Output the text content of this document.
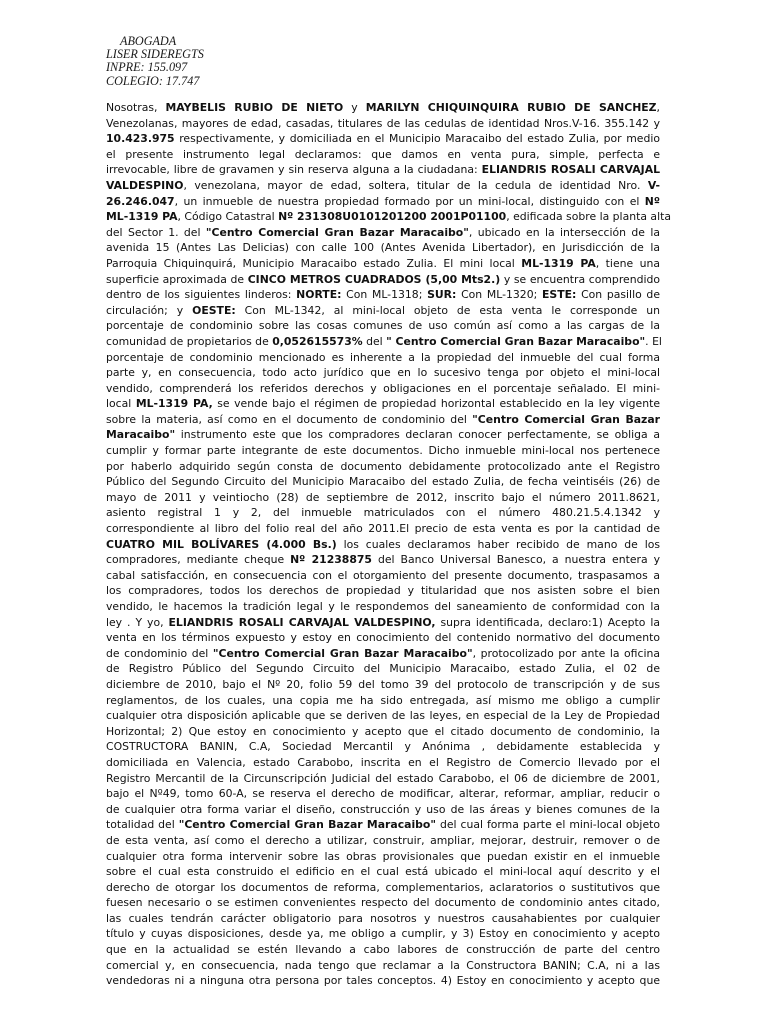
ABOGADA
LISER SIDEREGTS
INPRE: 155.097
COLEGIO: 17.747
Nosotras, MAYBELIS RUBIO DE NIETO y MARILYN CHIQUINQUIRA RUBIO DE SANCHEZ,
Venezolanas, mayores de edad, casadas, titulares de las cedulas de identidad Nros.V-16. 355.142 y
10.423.975 respectivamente, y domiciliada en el Municipio Maracaibo del estado Zulia, por medio
el presente instrumento legal declaramos: que damos en venta pura, simple, perfecta e
irrevocable, libre de gravamen y sin reserva alguna a la ciudadana: ELIANDRIS ROSALI CARVAJAL
VALDESPINO, venezolana, mayor de edad, soltera, titular de la cedula de identidad Nro. V-
26.246.047, un inmueble de nuestra propiedad formado por un mini-local, distinguido con el Nº
ML-1319 PA, Código Catastral Nº 231308U0101201200 2001P01100, edificada sobre la planta alta
del Sector 1. del "Centro Comercial Gran Bazar Maracaibo", ubicado en la intersección de la
avenida 15 (Antes Las Delicias) con calle 100 (Antes Avenida Libertador), en Jurisdicción de la
Parroquia Chiquinquirá, Municipio Maracaibo estado Zulia. El mini local ML-1319 PA, tiene una
superficie aproximada de CINCO METROS CUADRADOS (5,00 Mts2.) y se encuentra comprendido
dentro de los siguientes linderos: NORTE: Con ML-1318; SUR: Con ML-1320; ESTE: Con pasillo de
circulación; y OESTE: Con ML-1342, al mini-local objeto de esta venta le corresponde un
porcentaje de condominio sobre las cosas comunes de uso común así como a las cargas de la
comunidad de propietarios de 0,052615573% del " Centro Comercial Gran Bazar Maracaibo". El
porcentaje de condominio mencionado es inherente a la propiedad del inmueble del cual forma
parte y, en consecuencia, todo acto jurídico que en lo sucesivo tenga por objeto el mini-local
vendido, comprenderá los referidos derechos y obligaciones en el porcentaje señalado. El mini-
local ML-1319 PA, se vende bajo el régimen de propiedad horizontal establecido en la ley vigente
sobre la materia, así como en el documento de condominio del "Centro Comercial Gran Bazar
Maracaibo" instrumento este que los compradores declaran conocer perfectamente, se obliga a
cumplir y formar parte integrante de este documentos. Dicho inmueble mini-local nos pertenece
por haberlo adquirido según consta de documento debidamente protocolizado ante el Registro
Público del Segundo Circuito del Municipio Maracaibo del estado Zulia, de fecha veintiséis (26) de
mayo de 2011 y veintiocho (28) de septiembre de 2012, inscrito bajo el número 2011.8621,
asiento registral 1 y 2, del inmueble matriculados con el número 480.21.5.4.1342 y
correspondiente al libro del folio real del año 2011.El precio de esta venta es por la cantidad de
CUATRO MIL BOLÍVARES (4.000 Bs.) los cuales declaramos haber recibido de mano de los
compradores, mediante cheque Nº 21238875 del Banco Universal Banesco, a nuestra entera y
cabal satisfacción, en consecuencia con el otorgamiento del presente documento, traspasamos a
los compradores, todos los derechos de propiedad y titularidad que nos asisten sobre el bien
vendido, le hacemos la tradición legal y le respondemos del saneamiento de conformidad con la
ley . Y yo, ELIANDRIS ROSALI CARVAJAL VALDESPINO, supra identificada, declaro:1) Acepto la
venta en los términos expuesto y estoy en conocimiento del contenido normativo del documento
de condominio del "Centro Comercial Gran Bazar Maracaibo", protocolizado por ante la oficina
de Registro Público del Segundo Circuito del Municipio Maracaibo, estado Zulia, el 02 de
diciembre de 2010, bajo el Nº 20, folio 59 del tomo 39 del protocolo de transcripción y de sus
reglamentos, de los cuales, una copia me ha sido entregada, así mismo me obligo a cumplir
cualquier otra disposición aplicable que se deriven de las leyes, en especial de la Ley de Propiedad
Horizontal; 2) Que estoy en conocimiento y acepto que el citado documento de condominio, la
COSTRUCTORA BANIN, C.A, Sociedad Mercantil y Anónima , debidamente establecida y
domiciliada en Valencia, estado Carabobo, inscrita en el Registro de Comercio llevado por el
Registro Mercantil de la Circunscripción Judicial del estado Carabobo, el 06 de diciembre de 2001,
bajo el Nº49, tomo 60-A, se reserva el derecho de modificar, alterar, reformar, ampliar, reducir o
de cualquier otra forma variar el diseño, construcción y uso de las áreas y bienes comunes de la
totalidad del "Centro Comercial Gran Bazar Maracaibo" del cual forma parte el mini-local objeto
de esta venta, así como el derecho a utilizar, construir, ampliar, mejorar, destruir, remover o de
cualquier otra forma intervenir sobre las obras provisionales que puedan existir en el inmueble
sobre el cual esta construido el edificio en el cual está ubicado el mini-local aquí descrito y el
derecho de otorgar los documentos de reforma, complementarios, aclaratorios o sustitutivos que
fuesen necesario o se estimen convenientes respecto del documento de condominio antes citado,
las cuales tendrán carácter obligatorio para nosotros y nuestros causahabientes por cualquier
título y cuyas disposiciones, desde ya, me obligo a cumplir, y 3) Estoy en conocimiento y acepto
que en la actualidad se estén llevando a cabo labores de construcción de parte del centro
comercial y, en consecuencia, nada tengo que reclamar a la Constructora BANIN; C.A, ni a las
vendedoras ni a ninguna otra persona por tales conceptos. 4) Estoy en conocimiento y acepto que
